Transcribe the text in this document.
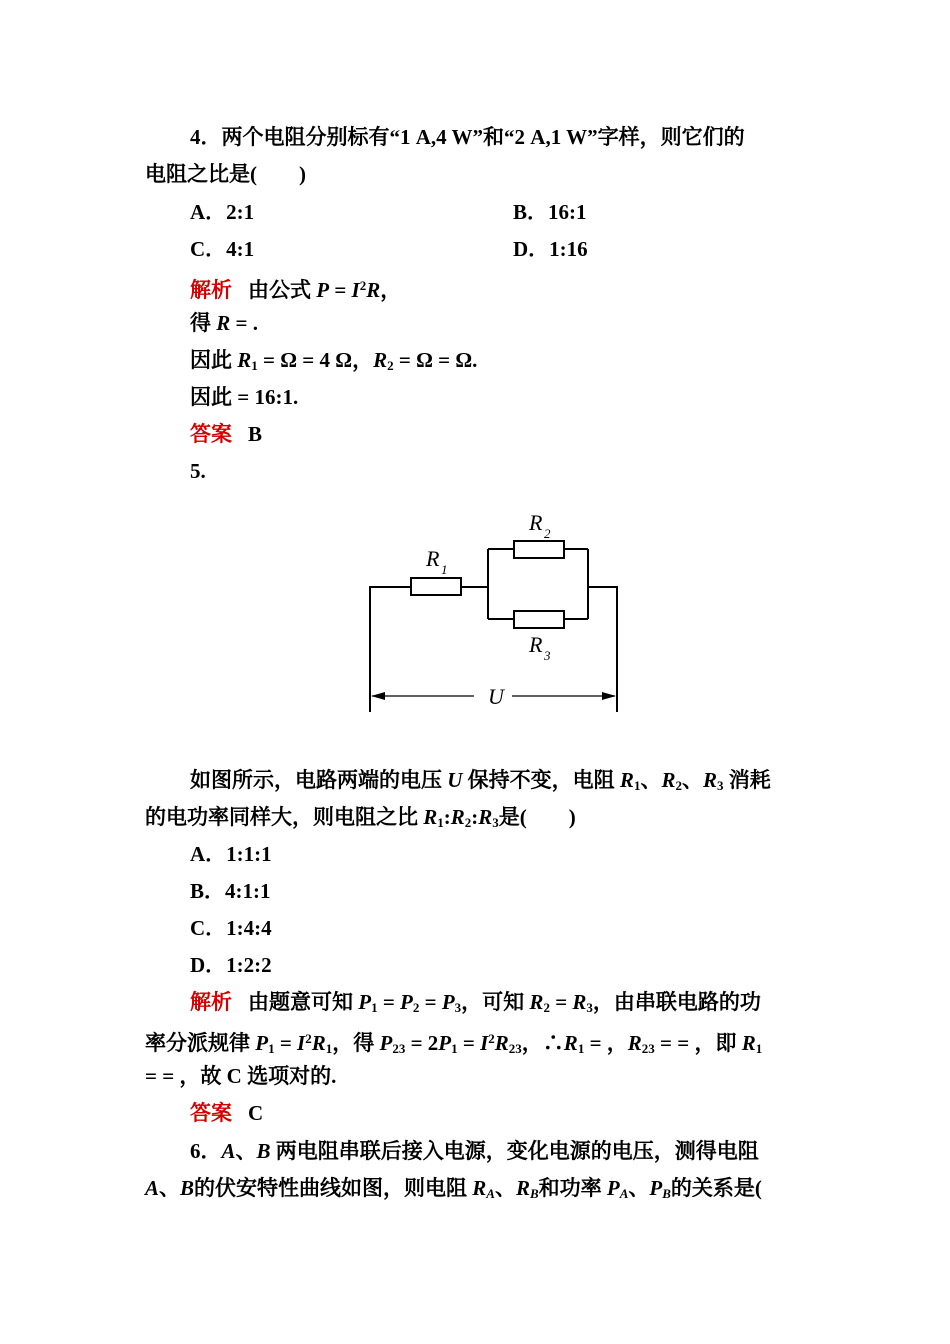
4．两个电阻分别标有“1 A,4 W”和“2 A,1 W”字样，则它们的
电阻之比是(　　)
A．2:1	B．16:1
C．4:1	D．1:16
解析 由公式 $P = I^2R$，
得 R = .
因此 $R_1 = \Omega = 4$ Ω，$R_2 = \Omega = \Omega$.
因此 = 16:1.
答案 B
5.
R 1
R 2
R 3
U
如图所示，电路两端的电压 U 保持不变，电阻 $R_1$、$R_2$、$R_3$ 消耗
的电功率同样大，则电阻之比 $R_1:R_2:R_3$是(　　)
A．1:1:1
B．4:1:1
C．1:4:4
D．1:2:2
解析 由题意可知 $P_1 = P_2 = P_3$，可知 $R_2 = R_3$，由串联电路的功
率分派规律 $P_1 = I^2R_1$，得 $P_{23} = 2P_1 = I^2R_{23}$，$\therefore R_1$ = ，$R_{23}$ = = ，即 $R_1$
= = ，故 C 选项对的.
答案 C
6．A、B 两电阻串联后接入电源，变化电源的电压，测得电阻
A、B的伏安特性曲线如图，则电阻 $R_A$、$R_B$和功率 $P_A$、$P_B$的关系是(
